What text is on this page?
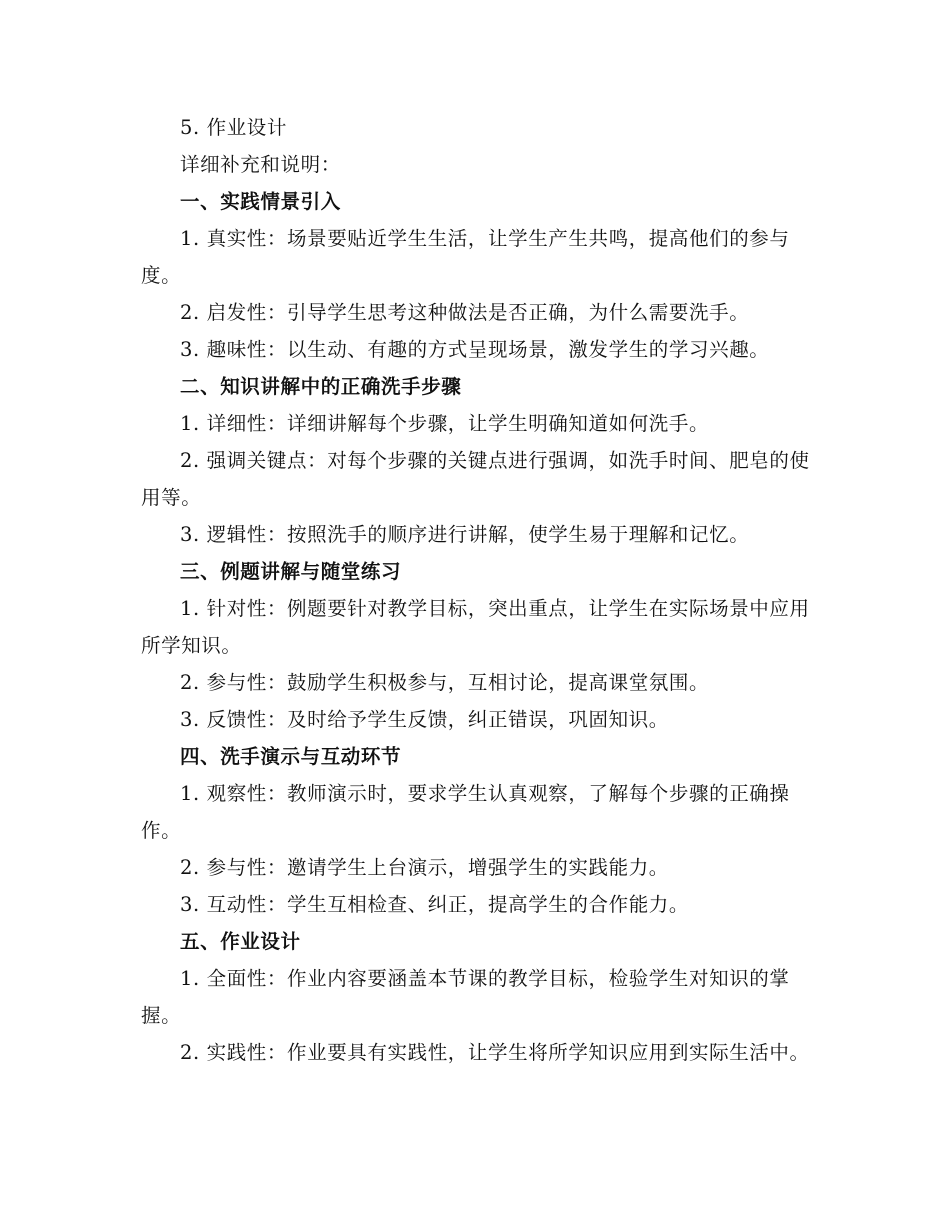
5. 作业设计

详细补充和说明：

一、实践情景引入

1. 真实性：场景要贴近学生生活，让学生产生共鸣，提高他们的参与度。

2. 启发性：引导学生思考这种做法是否正确，为什么需要洗手。

3. 趣味性：以生动、有趣的方式呈现场景，激发学生的学习兴趣。

二、知识讲解中的正确洗手步骤

1. 详细性：详细讲解每个步骤，让学生明确知道如何洗手。

2. 强调关键点：对每个步骤的关键点进行强调，如洗手时间、肥皂的使用等。

3. 逻辑性：按照洗手的顺序进行讲解，使学生易于理解和记忆。

三、例题讲解与随堂练习

1. 针对性：例题要针对教学目标，突出重点，让学生在实际场景中应用所学知识。

2. 参与性：鼓励学生积极参与，互相讨论，提高课堂氛围。

3. 反馈性：及时给予学生反馈，纠正错误，巩固知识。

四、洗手演示与互动环节

1. 观察性：教师演示时，要求学生认真观察，了解每个步骤的正确操作。

2. 参与性：邀请学生上台演示，增强学生的实践能力。

3. 互动性：学生互相检查、纠正，提高学生的合作能力。

五、作业设计

1. 全面性：作业内容要涵盖本节课的教学目标，检验学生对知识的掌握。

2. 实践性：作业要具有实践性，让学生将所学知识应用到实际生活中。
